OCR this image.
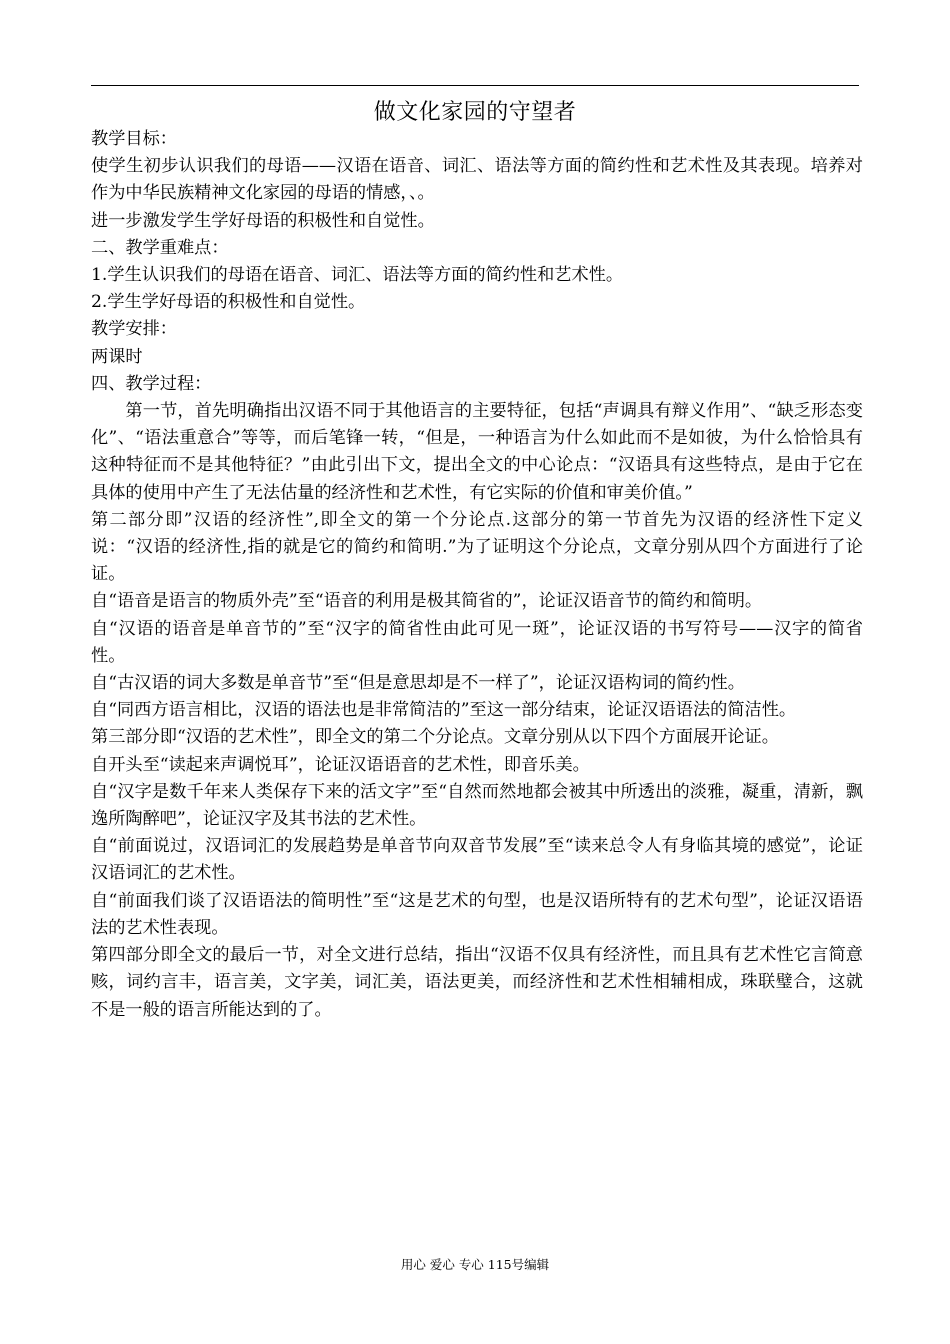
做文化家园的守望者

教学目标：

使学生初步认识我们的母语——汉语在语音、词汇、语法等方面的简约性和艺术性及其表现。培养对作为中华民族精神文化家园的母语的情感，、。

进一步激发学生学好母语的积极性和自觉性。

二、教学重难点：

1.学生认识我们的母语在语音、词汇、语法等方面的简约性和艺术性。

2.学生学好母语的积极性和自觉性。

教学安排：

两课时

四、教学过程：

第一节，首先明确指出汉语不同于其他语言的主要特征，包括“声调具有辩义作用”、“缺乏形态变化”、“语法重意合”等等，而后笔锋一转，“但是，一种语言为什么如此而不是如彼，为什么恰恰具有这种特征而不是其他特征？”由此引出下文，提出全文的中心论点：“汉语具有这些特点，是由于它在具体的使用中产生了无法估量的经济性和艺术性，有它实际的价值和审美价值。”

第二部分即”汉语的经济性”,即全文的第一个分论点.这部分的第一节首先为汉语的经济性下定义说：“汉语的经济性,指的就是它的简约和简明.”为了证明这个分论点，文章分别从四个方面进行了论证。

自“语音是语言的物质外壳”至“语音的利用是极其简省的”，论证汉语音节的简约和简明。

自“汉语的语音是单音节的”至“汉字的简省性由此可见一斑”，论证汉语的书写符号——汉字的简省性。

自“古汉语的词大多数是单音节”至“但是意思却是不一样了”，论证汉语构词的简约性。

自“同西方语言相比，汉语的语法也是非常简洁的”至这一部分结束，论证汉语语法的简洁性。

第三部分即“汉语的艺术性”，即全文的第二个分论点。文章分别从以下四个方面展开论证。

自开头至“读起来声调悦耳”，论证汉语语音的艺术性，即音乐美。

自“汉字是数千年来人类保存下来的活文字”至“自然而然地都会被其中所透出的淡雅，凝重，清新，飘逸所陶醉吧”，论证汉字及其书法的艺术性。

自“前面说过，汉语词汇的发展趋势是单音节向双音节发展”至“读来总令人有身临其境的感觉”，论证汉语词汇的艺术性。

自“前面我们谈了汉语语法的简明性”至“这是艺术的句型，也是汉语所特有的艺术句型”，论证汉语语法的艺术性表现。

第四部分即全文的最后一节，对全文进行总结，指出“汉语不仅具有经济性，而且具有艺术性它言简意赅，词约言丰，语言美，文字美，词汇美，语法更美，而经济性和艺术性相辅相成，珠联璧合，这就不是一般的语言所能达到的了。

用心 爱心 专心 115号编辑
